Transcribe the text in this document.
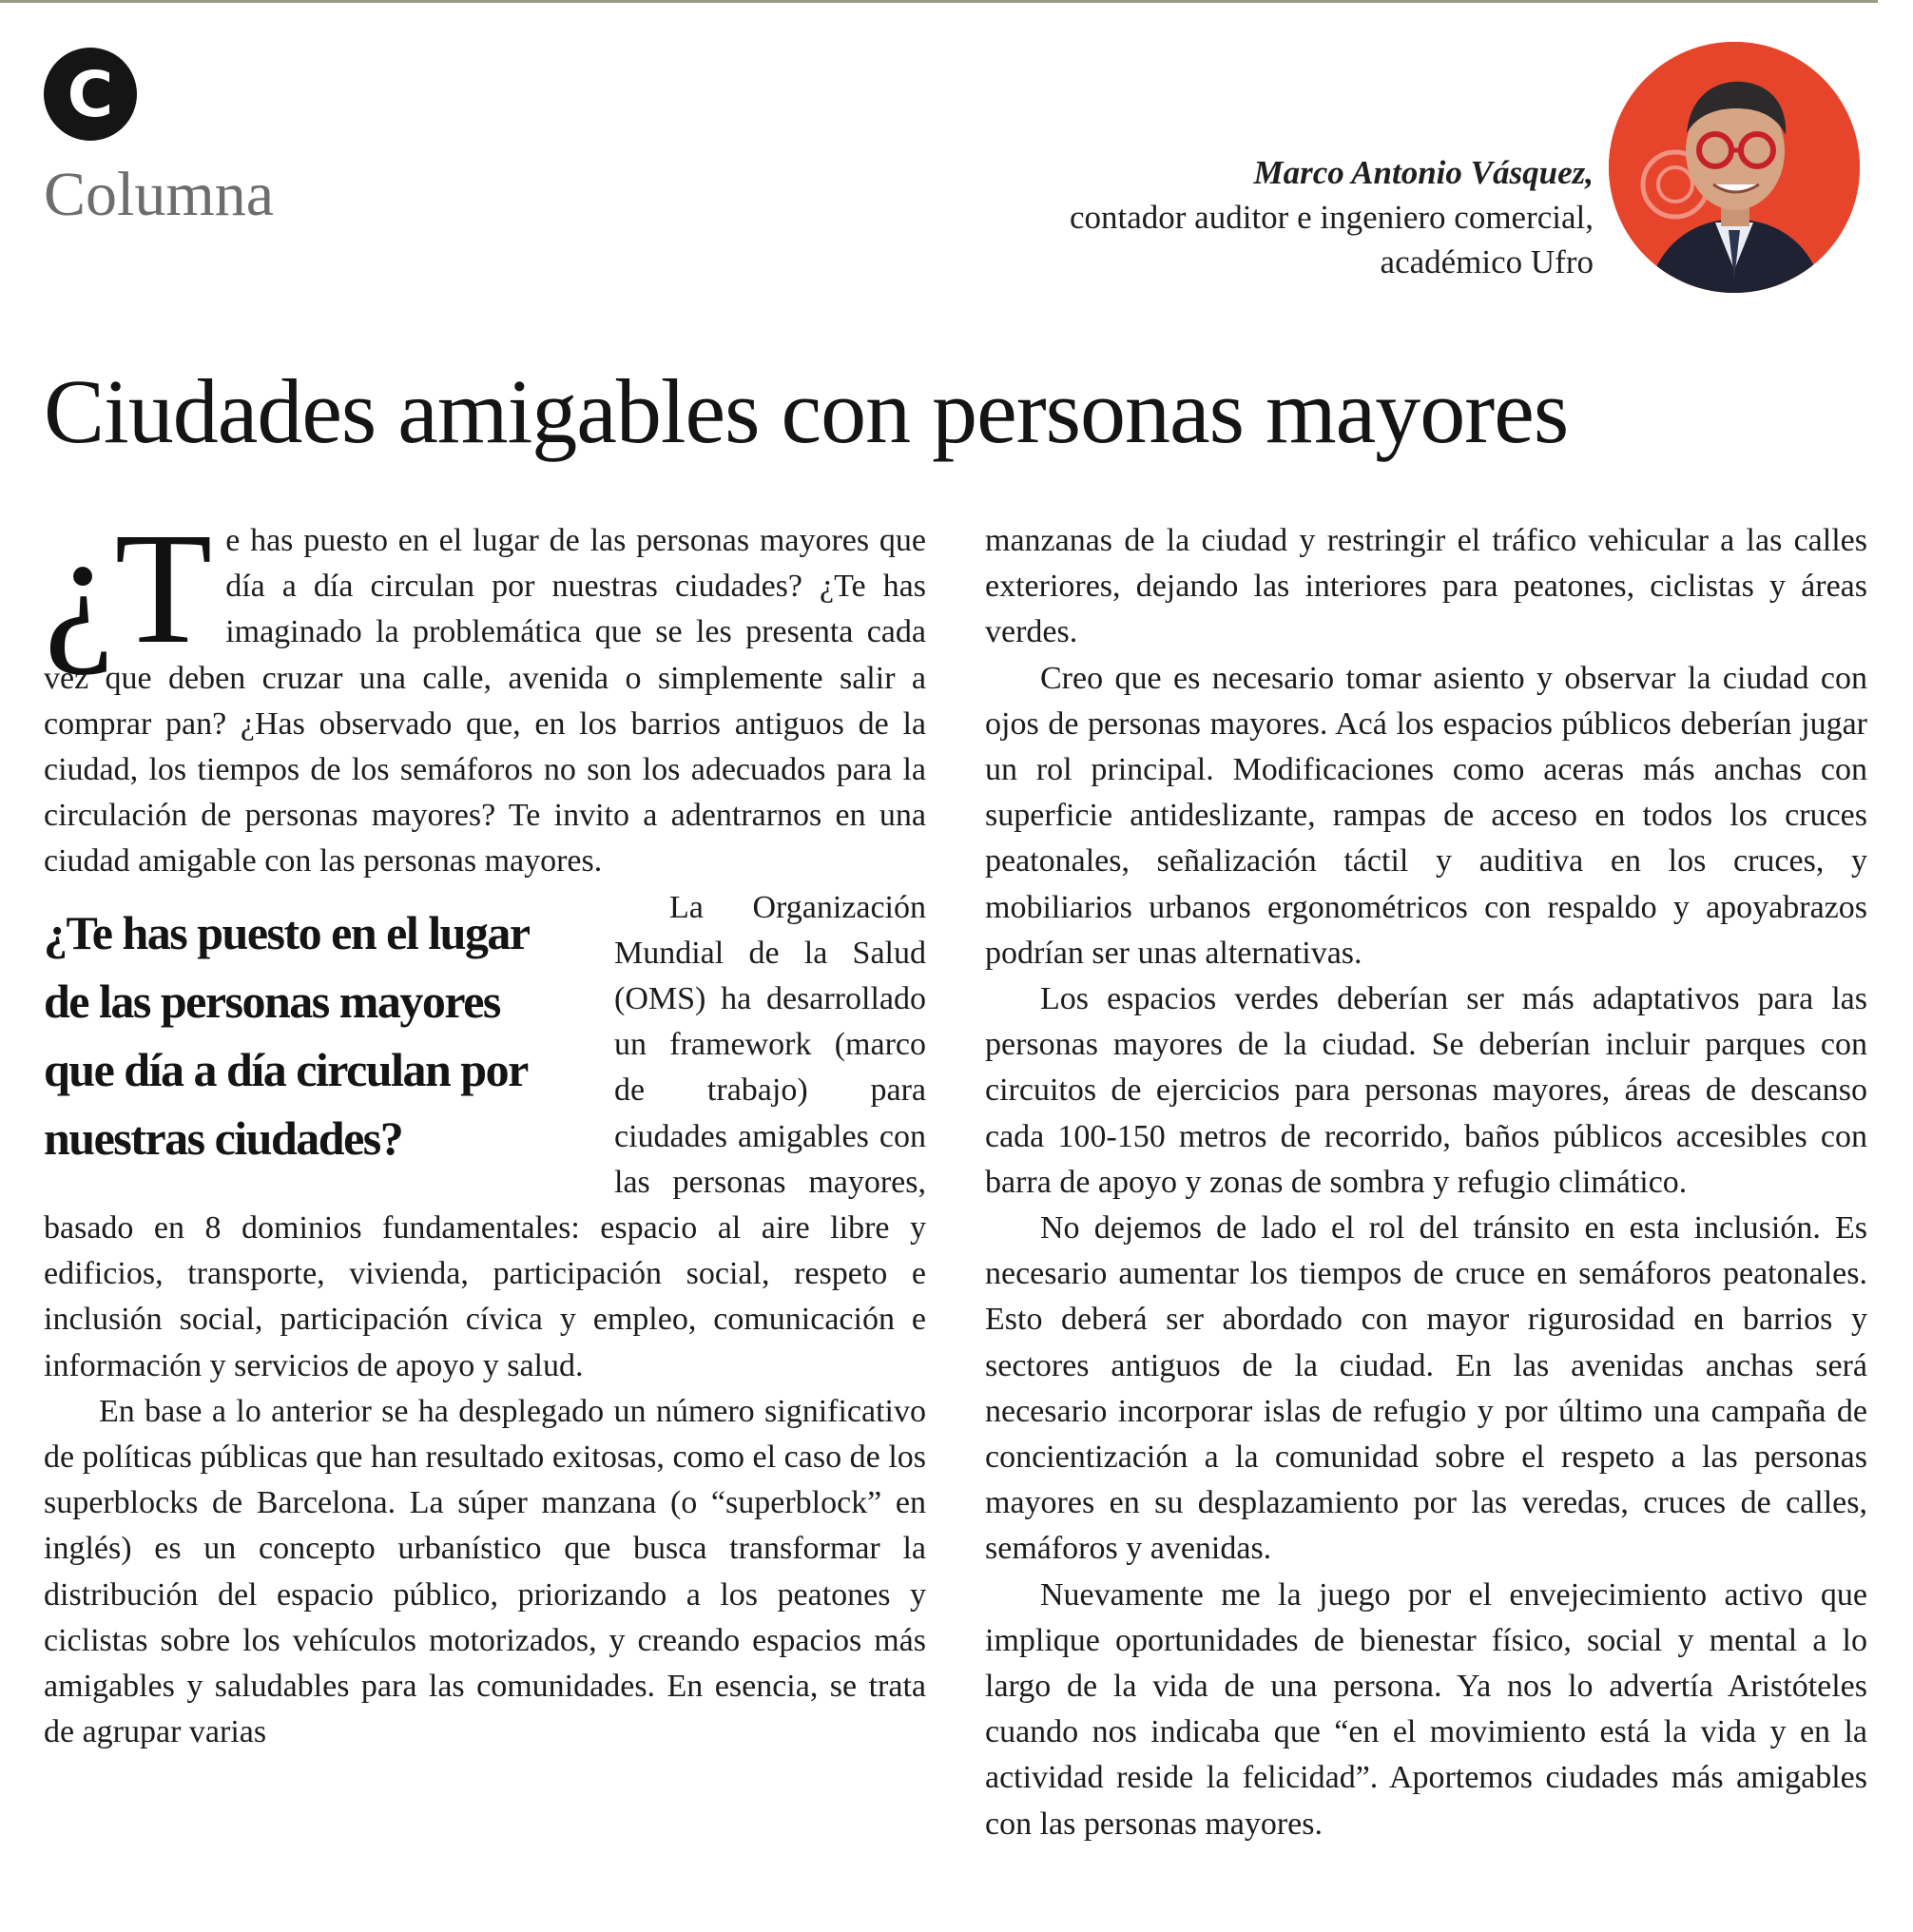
C
Columna	Marco Antonio Vásquez,
contador auditor e ingeniero comercial,
académico Ufro
Ciudades amigables con personas mayores

¿T e has puesto en el lugar de las personas mayores que día a día circulan por nuestras ciudades? ¿Te has imaginado la problemática que se les presenta cada vez que deben cruzar una calle, avenida o simplemente salir a comprar pan? ¿Has observado que, en los barrios antiguos de la ciudad, los tiempos de los semáforos no son los adecuados para la circulación de personas mayores? Te invito a adentrarnos en una ciudad amigable con las personas mayores.

¿Te has puesto en el lugar de las personas mayores que día a día circulan por nuestras ciudades?

La Organización Mundial de la Salud (OMS) ha desarrollado un framework (marco de trabajo) para ciudades amigables con las personas mayores, basado en 8 dominios fundamentales: espacio al aire libre y edificios, transporte, vivienda, participación social, respeto e inclusión social, participación cívica y empleo, comunicación e información y servicios de apoyo y salud.

En base a lo anterior se ha desplegado un número significativo de políticas públicas que han resultado exitosas, como el caso de los superblocks de Barcelona. La súper manzana (o “superblock” en inglés) es un concepto urbanístico que busca transformar la distribución del espacio público, priorizando a los peatones y ciclistas sobre los vehículos motorizados, y creando espacios más amigables y saludables para las comunidades. En esencia, se trata de agrupar varias

manzanas de la ciudad y restringir el tráfico vehicular a las calles exteriores, dejando las interiores para peatones, ciclistas y áreas verdes.

Creo que es necesario tomar asiento y observar la ciudad con ojos de personas mayores. Acá los espacios públicos deberían jugar un rol principal. Modificaciones como aceras más anchas con superficie antideslizante, rampas de acceso en todos los cruces peatonales, señalización táctil y auditiva en los cruces, y mobiliarios urbanos ergonométricos con respaldo y apoyabrazos podrían ser unas alternativas.

Los espacios verdes deberían ser más adaptativos para las personas mayores de la ciudad. Se deberían incluir parques con circuitos de ejercicios para personas mayores, áreas de descanso cada 100-150 metros de recorrido, baños públicos accesibles con barra de apoyo y zonas de sombra y refugio climático.

No dejemos de lado el rol del tránsito en esta inclusión. Es necesario aumentar los tiempos de cruce en semáforos peatonales. Esto deberá ser abordado con mayor rigurosidad en barrios y sectores antiguos de la ciudad. En las avenidas anchas será necesario incorporar islas de refugio y por último una campaña de concientización a la comunidad sobre el respeto a las personas mayores en su desplazamiento por las veredas, cruces de calles, semáforos y avenidas.

Nuevamente me la juego por el envejecimiento activo que implique oportunidades de bienestar físico, social y mental a lo largo de la vida de una persona. Ya nos lo advertía Aristóteles cuando nos indicaba que “en el movimiento está la vida y en la actividad reside la felicidad”. Aportemos ciudades más amigables con las personas mayores.
